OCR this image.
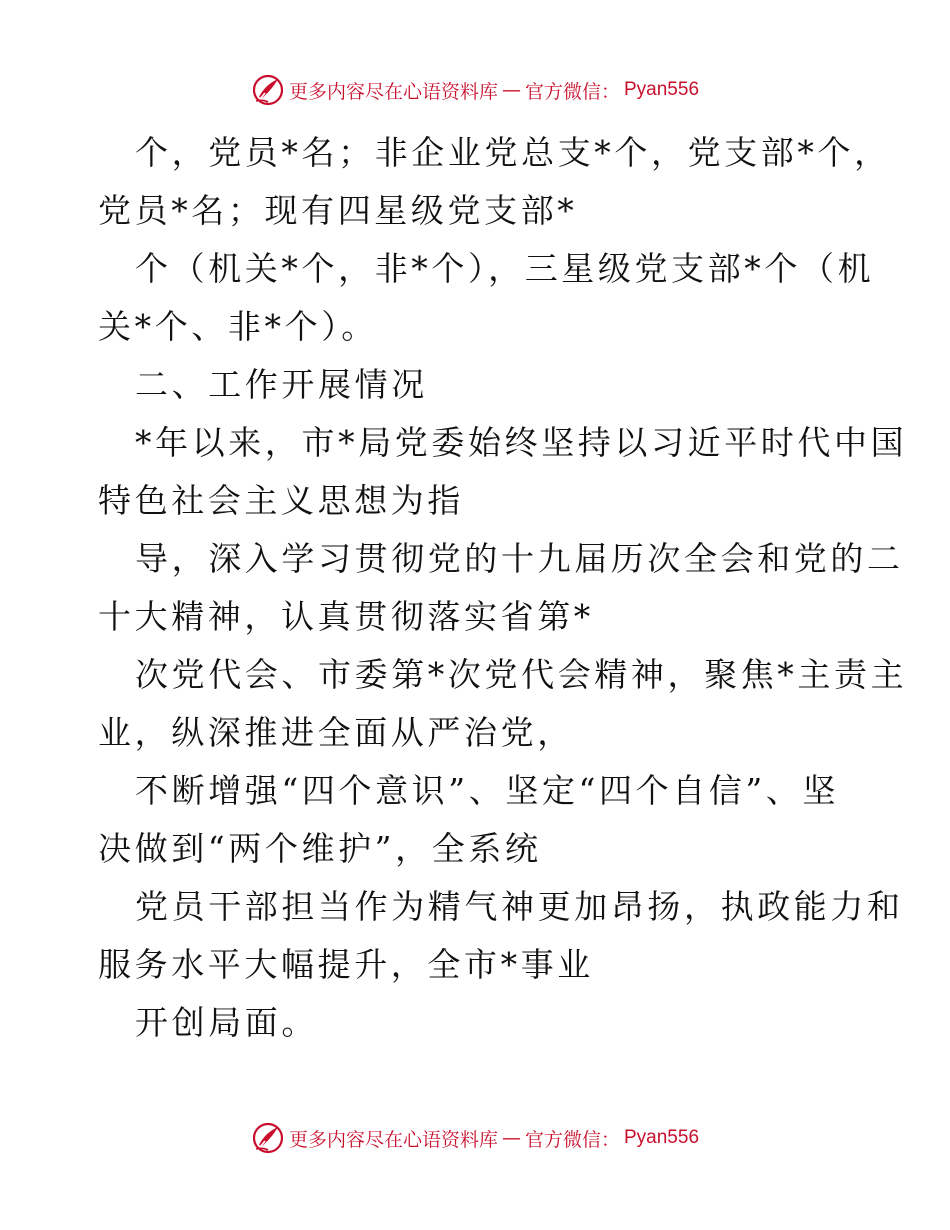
更多内容尽在心语资料库 — 官方微信： Pyan556
个，党员*名；非企业党总支*个，党支部*个，
党员*名；现有四星级党支部*
个（机关*个，非*个），三星级党支部*个（机
关*个、非*个）。
二、工作开展情况
*年以来，市*局党委始终坚持以习近平时代中国
特色社会主义思想为指
导，深入学习贯彻党的十九届历次全会和党的二
十大精神，认真贯彻落实省第*
次党代会、市委第*次党代会精神，聚焦*主责主
业，纵深推进全面从严治党，
不断增强“四个意识”、坚定“四个自信”、坚
决做到“两个维护”，全系统
党员干部担当作为精气神更加昂扬，执政能力和
服务水平大幅提升，全市*事业
开创局面。
更多内容尽在心语资料库 — 官方微信： Pyan556
